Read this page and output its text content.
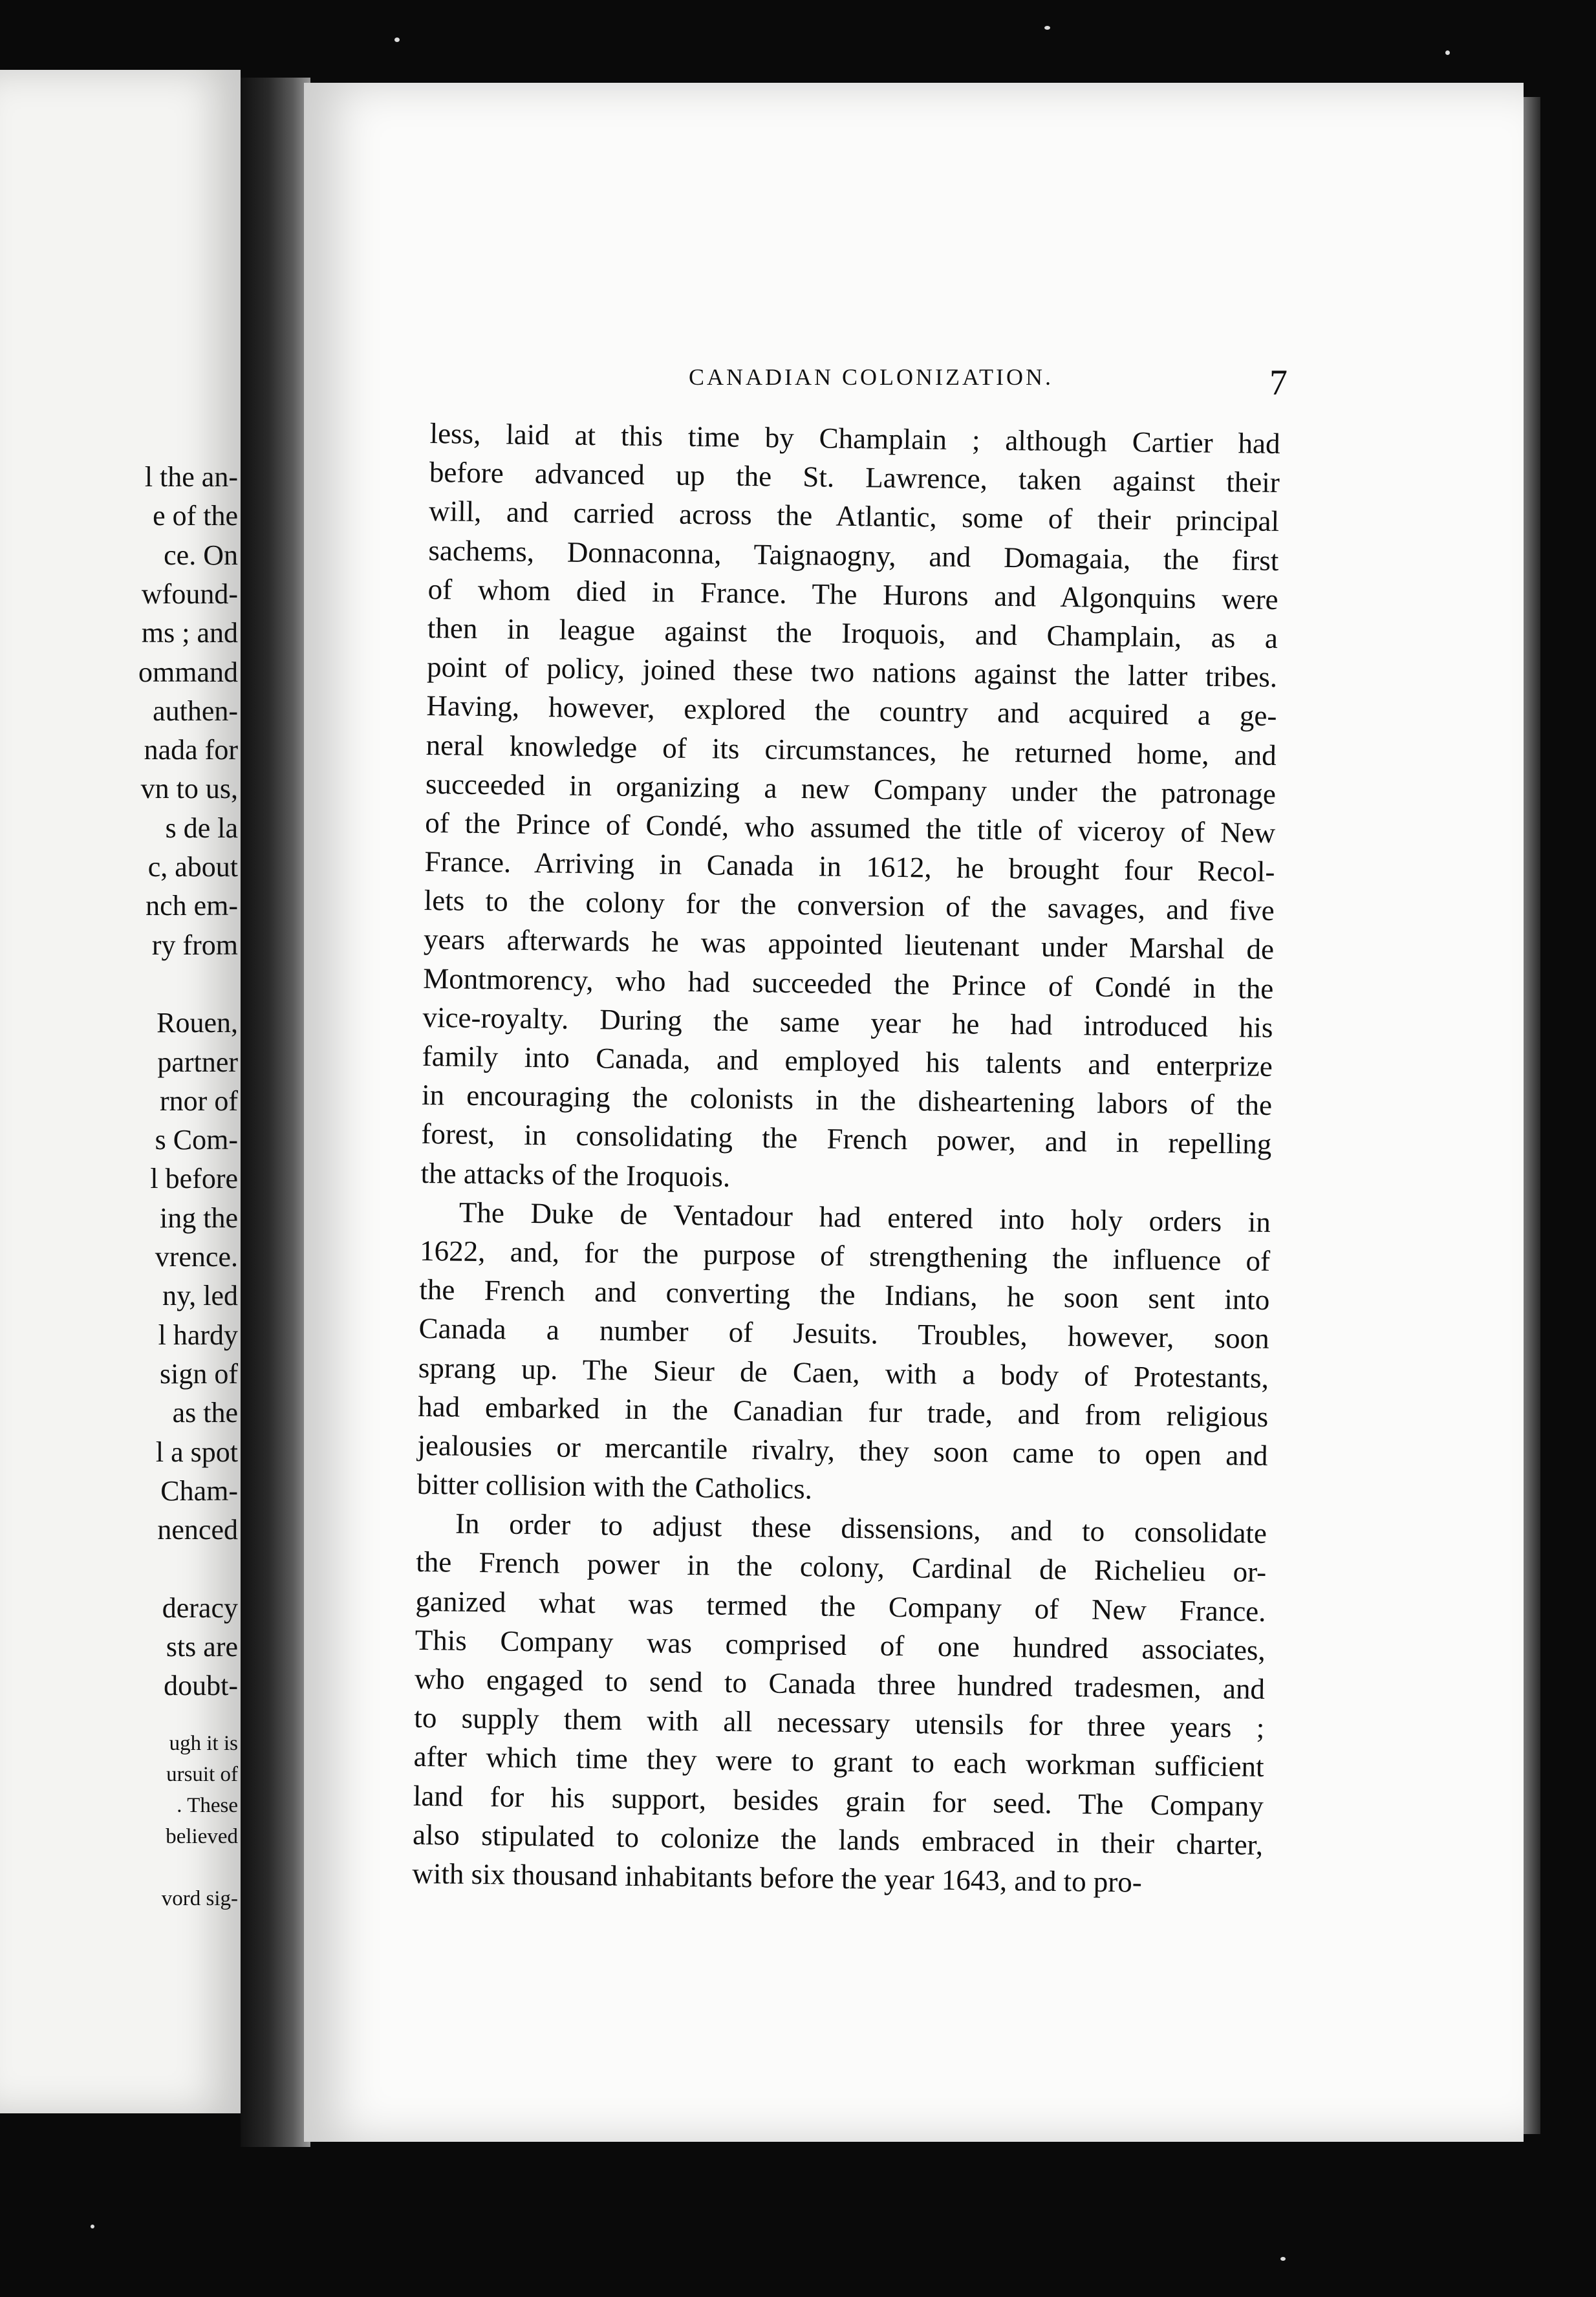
l the an-
e of the
ce. On
wfound-
ms ; and
ommand
authen-
nada for
vn to us,
s de la
c, about
nch em-
ry from
Rouen,
partner
rnor of
s Com-
l before
ing the
vrence.
ny, led
l hardy
sign of
as the
l a spot
Cham-
nenced
deracy
sts are
doubt-
ugh it is
ursuit of
. These
believed
vord sig-
CANADIAN COLONIZATION.	7
less, laid at this time by Champlain ; although Cartier had
before advanced up the St. Lawrence, taken against their
will, and carried across the Atlantic, some of their principal
sachems, Donnaconna, Taignaogny, and Domagaia, the first
of whom died in France. The Hurons and Algonquins were
then in league against the Iroquois, and Champlain, as a
point of policy, joined these two nations against the latter tribes.
Having, however, explored the country and acquired a ge-
neral knowledge of its circumstances, he returned home, and
succeeded in organizing a new Company under the patronage
of the Prince of Condé, who assumed the title of viceroy of New
France. Arriving in Canada in 1612, he brought four Recol-
lets to the colony for the conversion of the savages, and five
years afterwards he was appointed lieutenant under Marshal de
Montmorency, who had succeeded the Prince of Condé in the
vice-royalty. During the same year he had introduced his
family into Canada, and employed his talents and enterprize
in encouraging the colonists in the disheartening labors of the
forest, in consolidating the French power, and in repelling
the attacks of the Iroquois.
The Duke de Ventadour had entered into holy orders in
1622, and, for the purpose of strengthening the influence of
the French and converting the Indians, he soon sent into
Canada a number of Jesuits. Troubles, however, soon
sprang up. The Sieur de Caen, with a body of Protestants,
had embarked in the Canadian fur trade, and from religious
jealousies or mercantile rivalry, they soon came to open and
bitter collision with the Catholics.
In order to adjust these dissensions, and to consolidate
the French power in the colony, Cardinal de Richelieu or-
ganized what was termed the Company of New France.
This Company was comprised of one hundred associates,
who engaged to send to Canada three hundred tradesmen, and
to supply them with all necessary utensils for three years ;
after which time they were to grant to each workman sufficient
land for his support, besides grain for seed. The Company
also stipulated to colonize the lands embraced in their charter,
with six thousand inhabitants before the year 1643, and to pro-
